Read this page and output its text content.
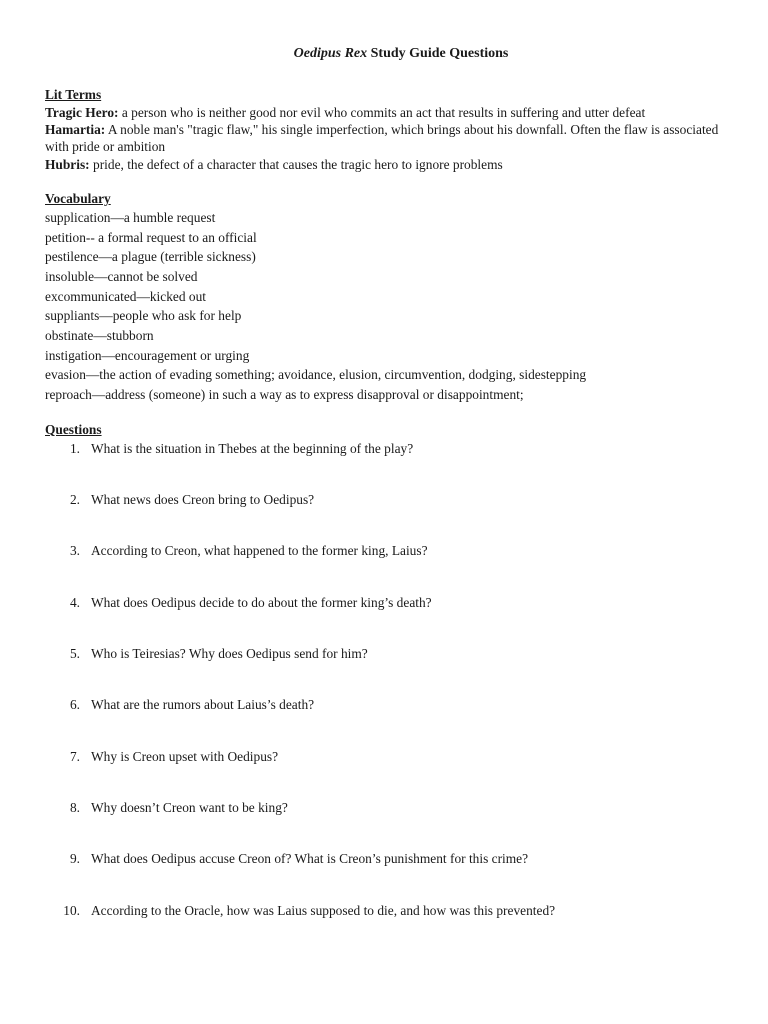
Oedipus Rex Study Guide Questions
Lit Terms

Tragic Hero: a person who is neither good nor evil who commits an act that results in suffering and utter defeat

Hamartia: A noble man's "tragic flaw," his single imperfection, which brings about his downfall. Often the flaw is associated with pride or ambition

Hubris: pride, the defect of a character that causes the tragic hero to ignore problems

Vocabulary
supplication—a humble request
petition-- a formal request to an official
pestilence—a plague (terrible sickness)
insoluble—cannot be solved
excommunicated—kicked out
suppliants—people who ask for help
obstinate—stubborn
instigation—encouragement or urging
evasion—the action of evading something; avoidance, elusion, circumvention, dodging, sidestepping
reproach—address (someone) in such a way as to express disapproval or disappointment;
Questions
1. What is the situation in Thebes at the beginning of the play?
2. What news does Creon bring to Oedipus?
3. According to Creon, what happened to the former king, Laius?
4. What does Oedipus decide to do about the former king’s death?
5. Who is Teiresias? Why does Oedipus send for him?
6. What are the rumors about Laius’s death?
7. Why is Creon upset with Oedipus?
8. Why doesn’t Creon want to be king?
9. What does Oedipus accuse Creon of? What is Creon’s punishment for this crime?
10. According to the Oracle, how was Laius supposed to die, and how was this prevented?
